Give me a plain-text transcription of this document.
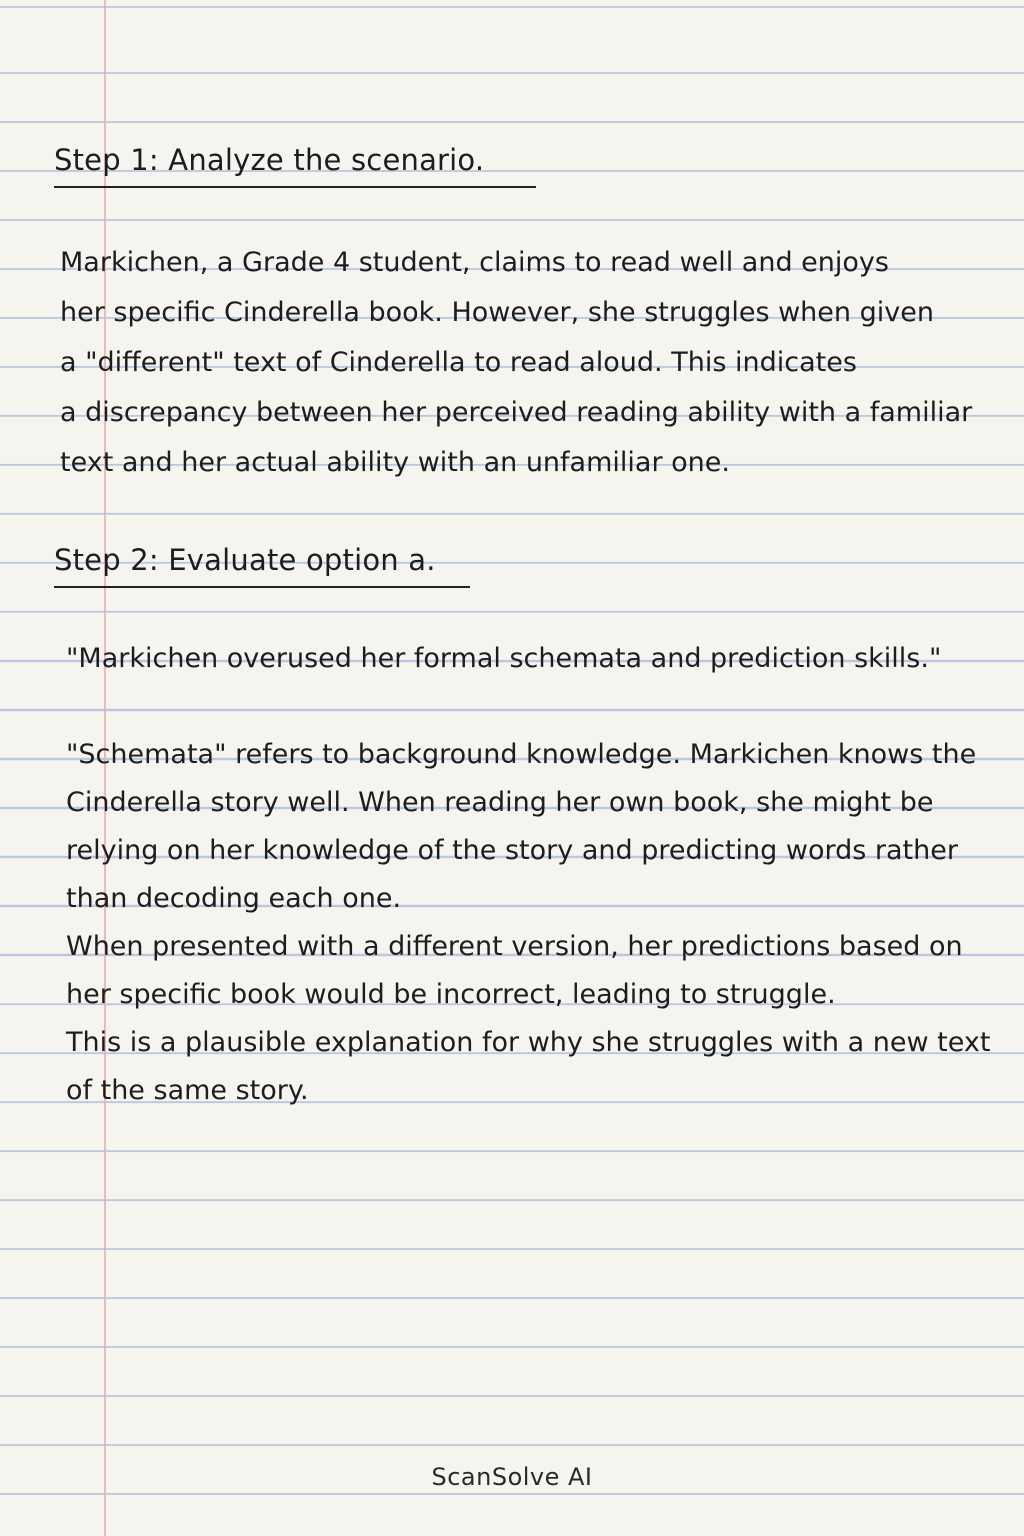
Step 1: Analyze the scenario.
Markichen, a Grade 4 student, claims to read well and enjoys
her specific Cinderella book. However, she struggles when given
a "different" text of Cinderella to read aloud. This indicates
a discrepancy between her perceived reading ability with a familiar
text and her actual ability with an unfamiliar one.
Step 2: Evaluate option a.
"Markichen overused her formal schemata and prediction skills."
"Schemata" refers to background knowledge. Markichen knows the
Cinderella story well. When reading her own book, she might be
relying on her knowledge of the story and predicting words rather
than decoding each one.
When presented with a different version, her predictions based on
her specific book would be incorrect, leading to struggle.
This is a plausible explanation for why she struggles with a new text
of the same story.
ScanSolve AI
